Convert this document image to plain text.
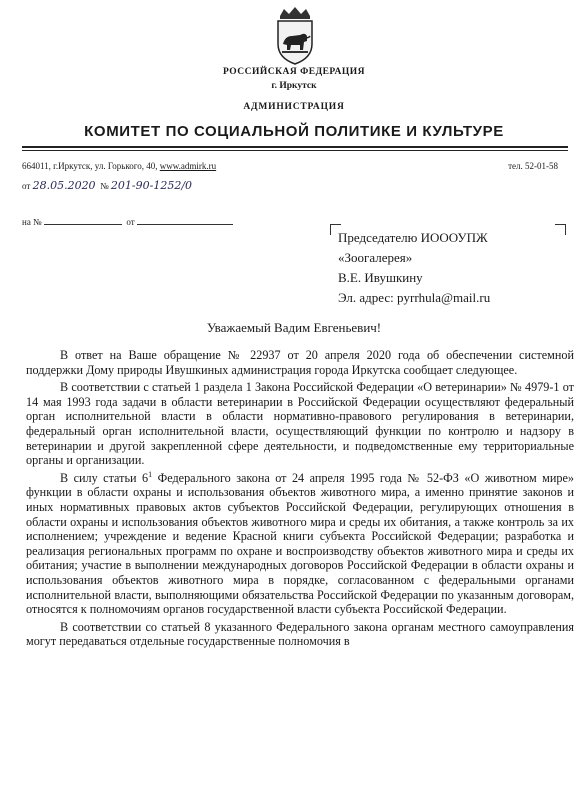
РОССИЙСКАЯ ФЕДЕРАЦИЯ
г. Иркутск
АДМИНИСТРАЦИЯ
КОМИТЕТ ПО СОЦИАЛЬНОЙ ПОЛИТИКЕ И КУЛЬТУРЕ
664011, г.Иркутск, ул. Горького, 40, www.admirk.ru	тел. 52-01-58
от 28.05.2020 № 201-90-1252/0
на №	от
Председателю ИОООУПЖ
«Зоогалерея»
В.Е. Ивушкину
Эл. адрес: pyrrhula@mail.ru
Уважаемый Вадим Евгеньевич!

В ответ на Ваше обращение № 22937 от 20 апреля 2020 года об обеспечении системной поддержки Дому природы Ивушкиных администрация города Иркутска сообщает следующее.

В соответствии с статьей 1 раздела 1 Закона Российской Федерации «О ветеринарии» № 4979-1 от 14 мая 1993 года задачи в области ветеринарии в Российской Федерации осуществляют федеральный орган исполнительной власти в области нормативно-правового регулирования в ветеринарии, федеральный орган исполнительной власти, осуществляющий функции по контролю и надзору в ветеринарии и другой закрепленной сфере деятельности, и подведомственные ему территориальные органы и организации.

В силу статьи $6^1$ Федерального закона от 24 апреля 1995 года № 52-ФЗ «О животном мире» функции в области охраны и использования объектов животного мира, а именно принятие законов и иных нормативных правовых актов субъектов Российской Федерации, регулирующих отношения в области охраны и использования объектов животного мира и среды их обитания, а также контроль за их исполнением; учреждение и ведение Красной книги субъекта Российской Федерации; разработка и реализация региональных программ по охране и воспроизводству объектов животного мира и среды их обитания; участие в выполнении международных договоров Российской Федерации в области охраны и использования объектов животного мира в порядке, согласованном с федеральными органами исполнительной власти, выполняющими обязательства Российской Федерации по указанным договорам, относятся к полномочиям органов государственной власти субъекта Российской Федерации.

В соответствии со статьей 8 указанного Федерального закона органам местного самоуправления могут передаваться отдельные государственные полномочия в
